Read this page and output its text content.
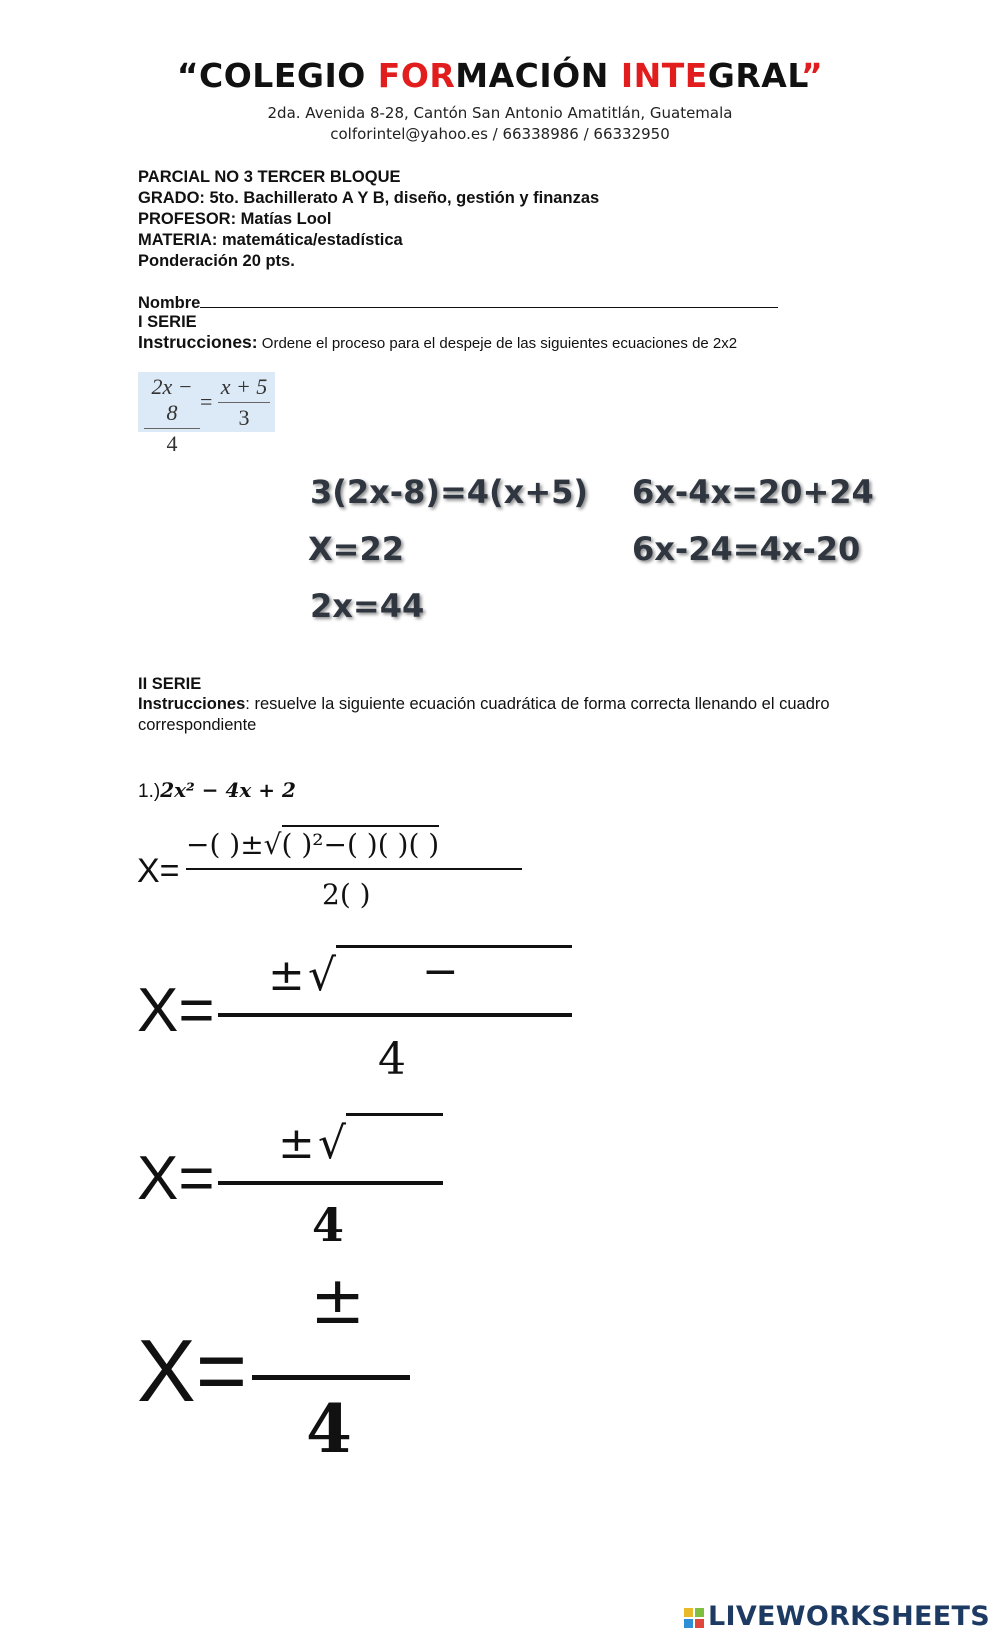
“COLEGIO FORMACIÓN INTEGRAL”
2da. Avenida 8-28, Cantón San Antonio Amatitlán, Guatemala
colforintel@yahoo.es / 66338986 / 66332950
PARCIAL NO 3 TERCER BLOQUE
GRADO: 5to. Bachillerato A Y B, diseño, gestión y finanzas
PROFESOR: Matías Lool
MATERIA: matemática/estadística
Ponderación 20 pts.
Nombre
I SERIE
Instrucciones: Ordene el proceso para el despeje de las siguientes ecuaciones de 2x2
2x − 8
4
=
x + 5
3
3(2x-8)=4(x+5) 6x-4x=20+24
X=22	6x-24=4x-20
2x=44
II SERIE
Instrucciones: resuelve la siguiente ecuación cuadrática de forma correcta llenando el cuadro correspondiente
1.)2x² − 4x + 2
X=
−( )±√( )²−( )( )( )
2( )
X=
± √ −
4
X=
± √
4
X=
±
4
LIVEWORKSHEETS
